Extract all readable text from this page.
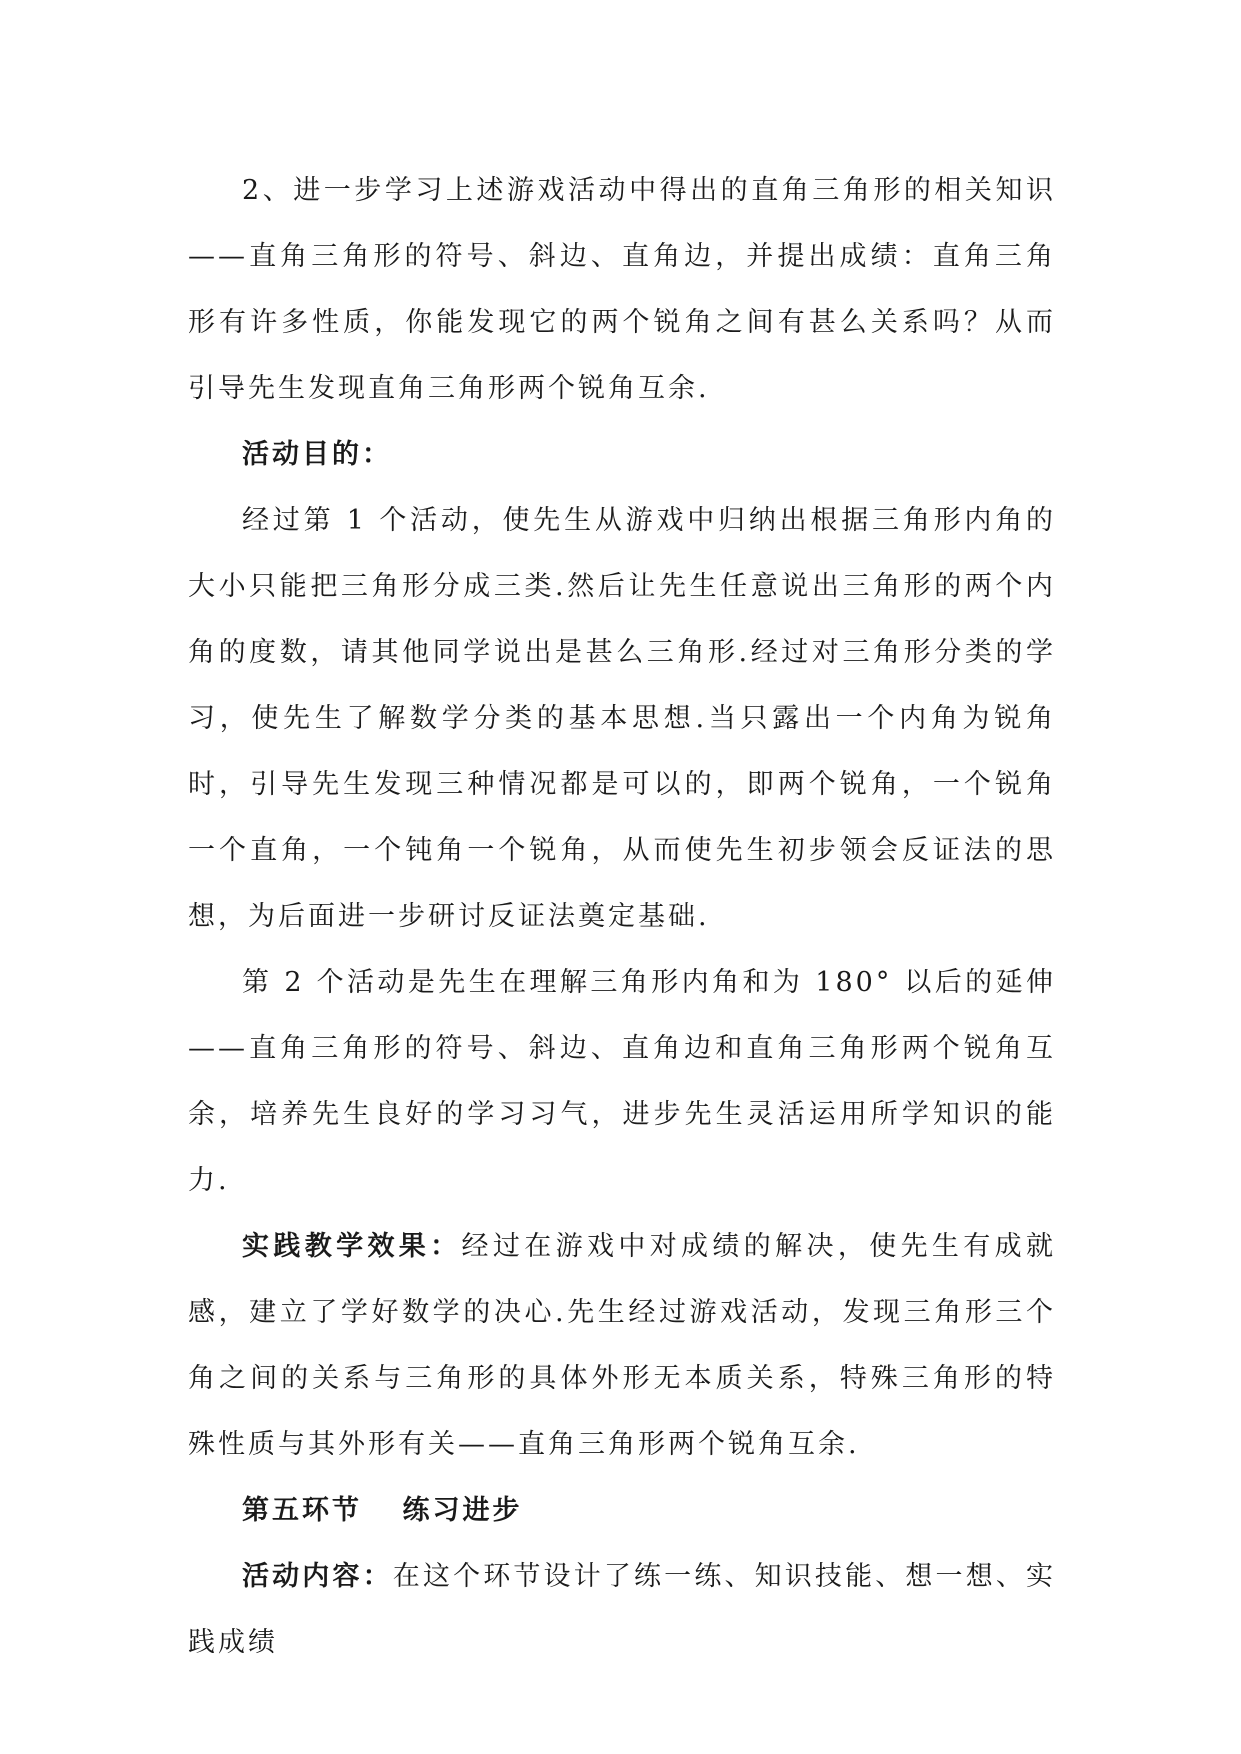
2、进一步学习上述游戏活动中得出的直角三角形的相关知识——直角三角形的符号、斜边、直角边，并提出成绩：直角三角形有许多性质，你能发现它的两个锐角之间有甚么关系吗？从而引导先生发现直角三角形两个锐角互余.

活动目的：

经过第 1 个活动，使先生从游戏中归纳出根据三角形内角的大小只能把三角形分成三类.然后让先生任意说出三角形的两个内角的度数，请其他同学说出是甚么三角形.经过对三角形分类的学习，使先生了解数学分类的基本思想.当只露出一个内角为锐角时，引导先生发现三种情况都是可以的，即两个锐角，一个锐角一个直角，一个钝角一个锐角，从而使先生初步领会反证法的思想，为后面进一步研讨反证法奠定基础.

第 2 个活动是先生在理解三角形内角和为 180° 以后的延伸——直角三角形的符号、斜边、直角边和直角三角形两个锐角互余，培养先生良好的学习习气，进步先生灵活运用所学知识的能力.

实践教学效果：经过在游戏中对成绩的解决，使先生有成就感，建立了学好数学的决心.先生经过游戏活动，发现三角形三个角之间的关系与三角形的具体外形无本质关系，特殊三角形的特殊性质与其外形有关——直角三角形两个锐角互余.

第五环节 练习进步

活动内容：在这个环节设计了练一练、知识技能、想一想、实践成绩
